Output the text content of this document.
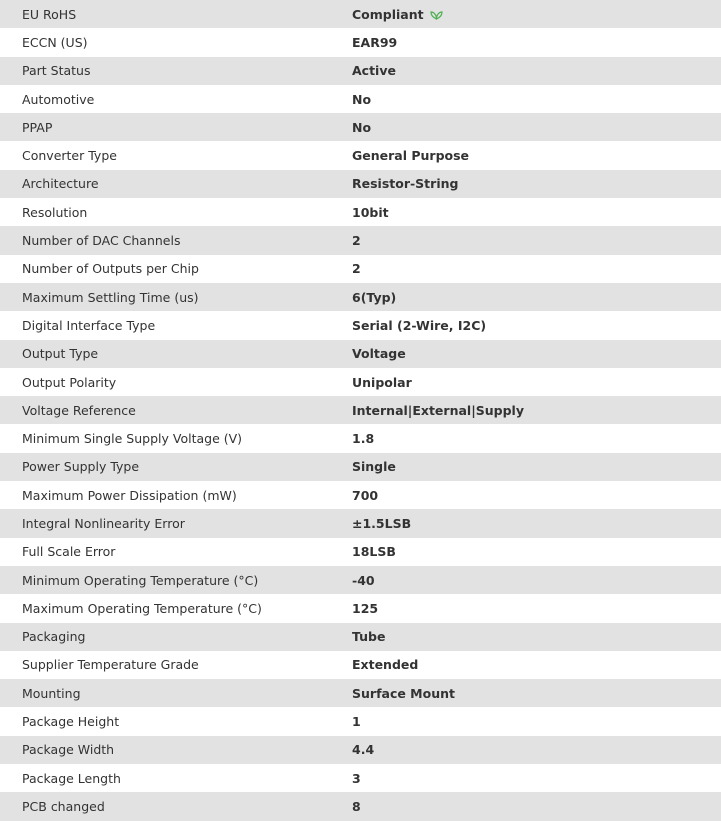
EU RoHS	Compliant
ECCN (US)	EAR99
Part Status	Active
Automotive	No
PPAP	No
Converter Type	General Purpose
Architecture	Resistor-String
Resolution	10bit
Number of DAC Channels	2
Number of Outputs per Chip	2
Maximum Settling Time (us)	6(Typ)
Digital Interface Type	Serial (2-Wire, I2C)
Output Type	Voltage
Output Polarity	Unipolar
Voltage Reference	Internal|External|Supply
Minimum Single Supply Voltage (V)	1.8
Power Supply Type	Single
Maximum Power Dissipation (mW)	700
Integral Nonlinearity Error	±1.5LSB
Full Scale Error	18LSB
Minimum Operating Temperature (°C)	-40
Maximum Operating Temperature (°C)	125
Packaging	Tube
Supplier Temperature Grade	Extended
Mounting	Surface Mount
Package Height	1
Package Width	4.4
Package Length	3
PCB changed	8
